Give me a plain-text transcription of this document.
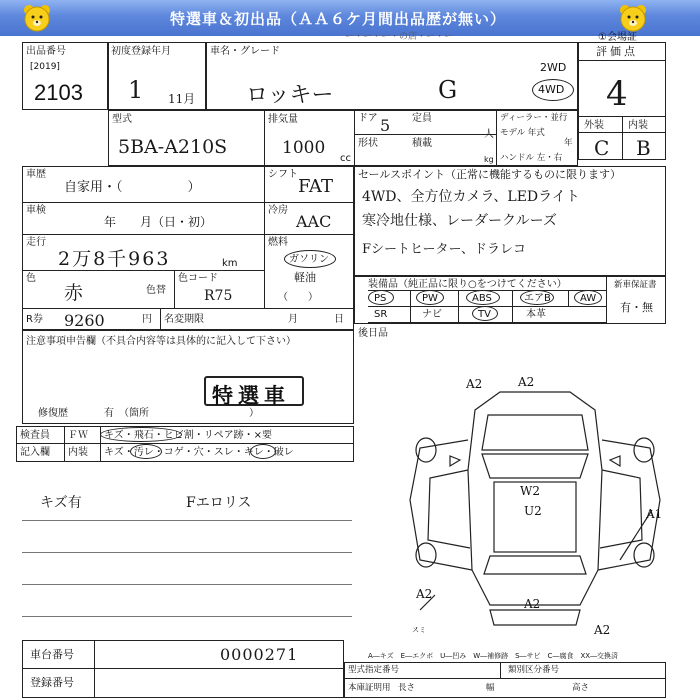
特選車＆初出品（ＡＡ６ケ月間出品歴が無い）
ー・ー・ー・の店・ー・ー	①会場証
出品番号
[2019]
2103
初度登録年月
1 11月
車名・グレード
ロッキー	G
2WD
4WD
評価点
4
外装 内装
C B
型式
5BA-A210S
排気量
1000
cc
ドア 5 定員
人
形状	積載
kg
ディーラー・並行
モデル 年式
年
ハンドル 左・右
車歴
自家用・（　　　　　）
シフト
FAT
車検
年　　月（日・初）
冷房
AAC
走行
2万8千963	km
燃料
ガソリン
軽油
（　　）
色
赤	色替
色コード
R75
R券 9260	円 名変期限	月	日
セールスポイント（正常に機能するものに限ります）
4WD、全方位カメラ、LEDライト
寒冷地仕様、レーダークルーズ
Fシートヒーター、ドラレコ
装備品（純正品に限り○をつけてください）	新車保証書
有・無
PS	PW	ABS	エアB	AW
SR	ナビ	TV	本革
後日品
注意事項申告欄（不具合内容等は具体的に記入して下さい）
特選車
修復歴	有　（箇所　　　　　　　　　　）
検査員
記入欄
ＦＷ キズ・飛石・ヒビ割・リペア跡・×要
内装 キズ・汚レ・コゲ・穴・スレ・キレ・破レ
キズ有	Fエロリス
A2	A2
W2
U2	A1
A2
A2
A2
スミ
A―キズ　E―エクボ　U―凹み　W―補修跡　S―サビ　C―腐食　XX―交換済
車台番号	0000271
登録番号
型式指定番号	類別区分番号
本庫証明用 長さ	幅	高さ
